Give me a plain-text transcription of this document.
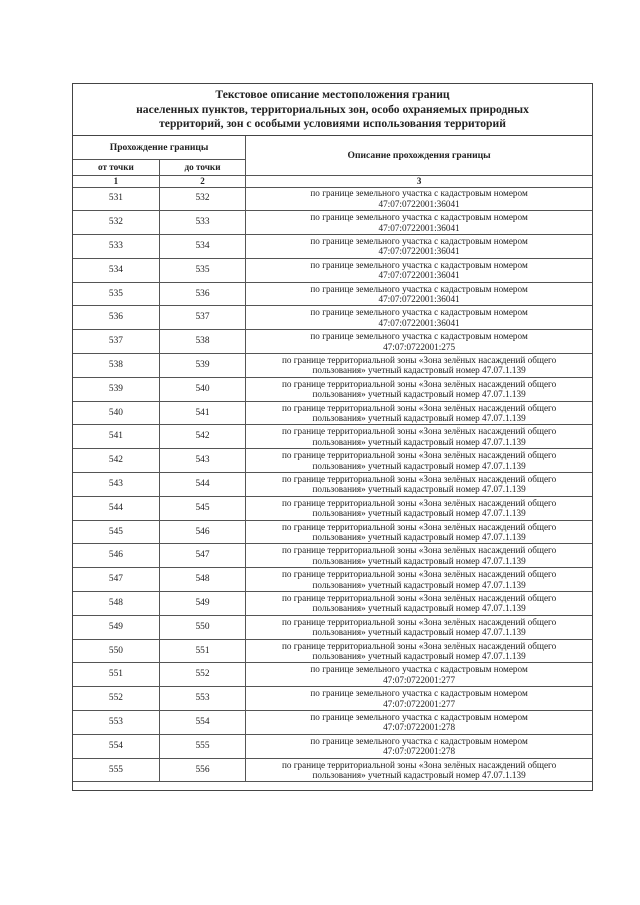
Текстовое описание местоположения границ
населенных пунктов, территориальных зон, особо охраняемых природных
территорий, зон с особыми условиями использования территорий
Прохождение границы		Описание прохождения границы
от точки	до точки	
1	2	3
531	532	по границе земельного участка с кадастровым номером
47:07:0722001:36041

532	533	по границе земельного участка с кадастровым номером
47:07:0722001:36041

533	534	по границе земельного участка с кадастровым номером
47:07:0722001:36041

534	535	по границе земельного участка с кадастровым номером
47:07:0722001:36041

535	536	по границе земельного участка с кадастровым номером
47:07:0722001:36041

536	537	по границе земельного участка с кадастровым номером
47:07:0722001:36041

537	538	по границе земельного участка с кадастровым номером
47:07:0722001:275

538	539	по границе территориальной зоны «Зона зелёных насаждений общего
пользования» учетный кадастровый номер 47.07.1.139

539	540	по границе территориальной зоны «Зона зелёных насаждений общего
пользования» учетный кадастровый номер 47.07.1.139

540	541	по границе территориальной зоны «Зона зелёных насаждений общего
пользования» учетный кадастровый номер 47.07.1.139

541	542	по границе территориальной зоны «Зона зелёных насаждений общего
пользования» учетный кадастровый номер 47.07.1.139

542	543	по границе территориальной зоны «Зона зелёных насаждений общего
пользования» учетный кадастровый номер 47.07.1.139

543	544	по границе территориальной зоны «Зона зелёных насаждений общего
пользования» учетный кадастровый номер 47.07.1.139

544	545	по границе территориальной зоны «Зона зелёных насаждений общего
пользования» учетный кадастровый номер 47.07.1.139

545	546	по границе территориальной зоны «Зона зелёных насаждений общего
пользования» учетный кадастровый номер 47.07.1.139

546	547	по границе территориальной зоны «Зона зелёных насаждений общего
пользования» учетный кадастровый номер 47.07.1.139

547	548	по границе территориальной зоны «Зона зелёных насаждений общего
пользования» учетный кадастровый номер 47.07.1.139

548	549	по границе территориальной зоны «Зона зелёных насаждений общего
пользования» учетный кадастровый номер 47.07.1.139

549	550	по границе территориальной зоны «Зона зелёных насаждений общего
пользования» учетный кадастровый номер 47.07.1.139

550	551	по границе территориальной зоны «Зона зелёных насаждений общего
пользования» учетный кадастровый номер 47.07.1.139

551	552	по границе земельного участка с кадастровым номером
47:07:0722001:277

552	553	по границе земельного участка с кадастровым номером
47:07:0722001:277

553	554	по границе земельного участка с кадастровым номером
47:07:0722001:278

554	555	по границе земельного участка с кадастровым номером
47:07:0722001:278

555	556	по границе территориальной зоны «Зона зелёных насаждений общего
пользования» учетный кадастровый номер 47.07.1.139
